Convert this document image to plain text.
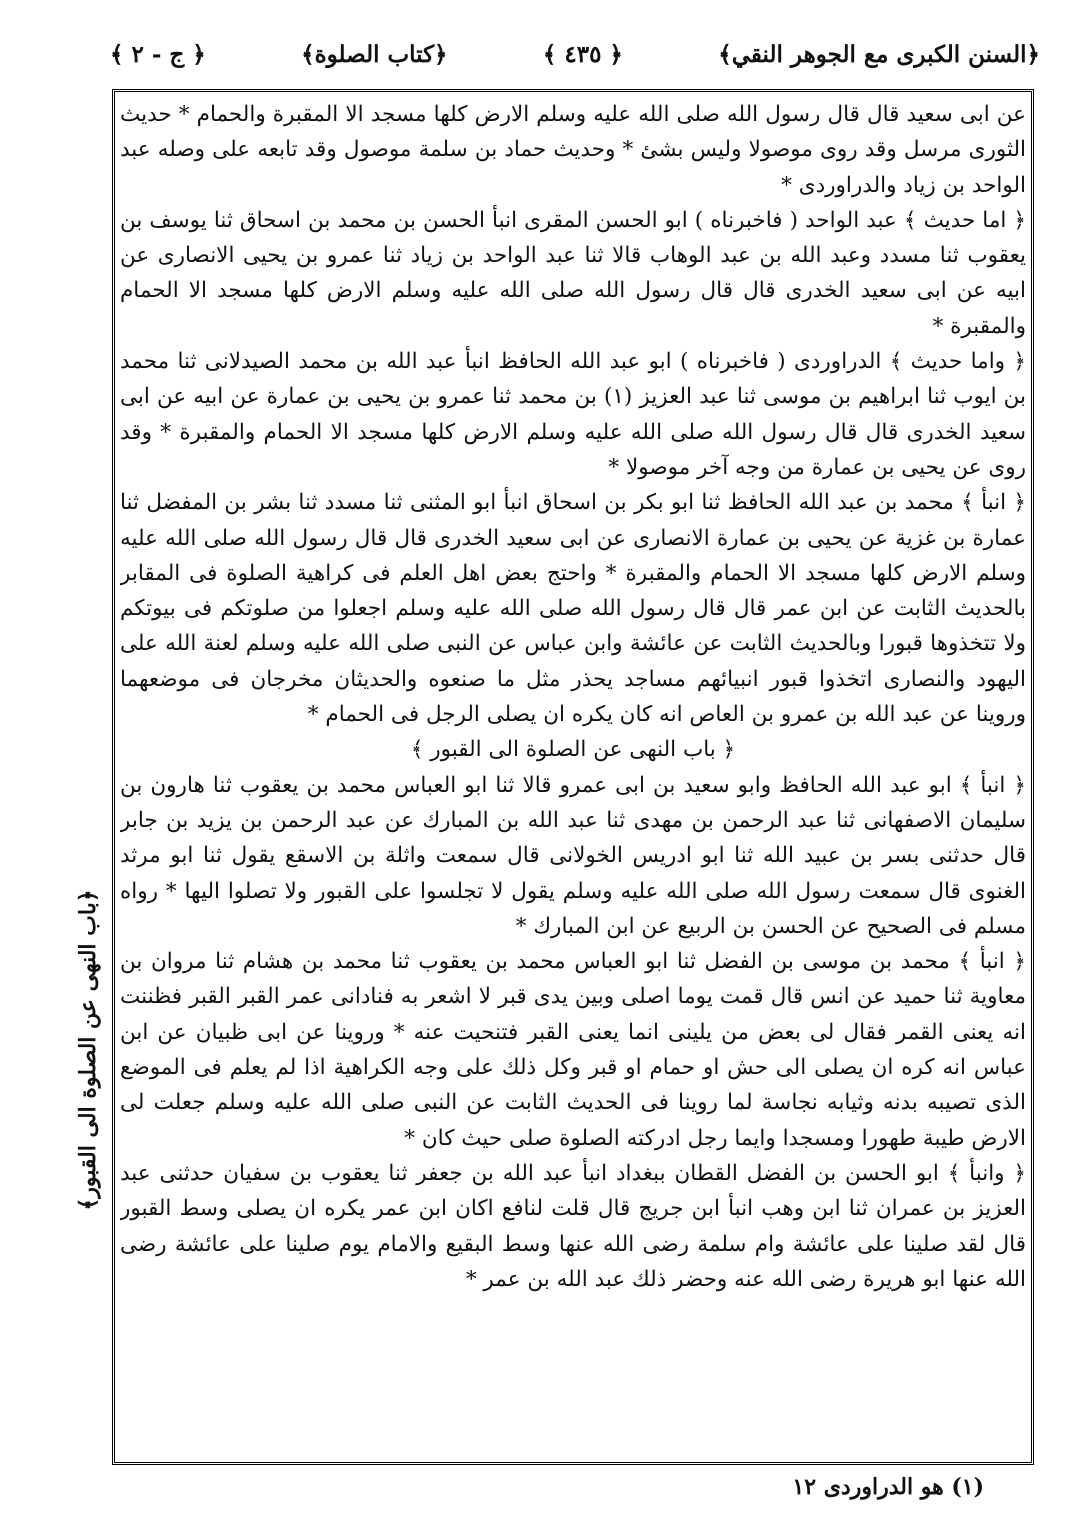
﴿السنن الكبرى مع الجوهر النقي﴾
﴿ ٤٣٥ ﴾
﴿كتاب الصلوة﴾
﴿ ج - ٢ ﴾

عن ابى سعيد قال قال رسول الله صلى الله عليه وسلم الارض كلها مسجد الا المقبرة والحمام * حديث الثورى مرسل وقد روى موصولا وليس بشئ * وحديث حماد بن سلمة موصول وقد تابعه على وصله عبد الواحد بن زياد والدراوردى *

﴿ اما حديث ﴾ عبد الواحد ( فاخبرناه ) ابو الحسن المقرى انبأ الحسن بن محمد بن اسحاق ثنا يوسف بن يعقوب ثنا مسدد وعبد الله بن عبد الوهاب قالا ثنا عبد الواحد بن زياد ثنا عمرو بن يحيى الانصارى عن ابيه عن ابى سعيد الخدرى قال قال رسول الله صلى الله عليه وسلم الارض كلها مسجد الا الحمام والمقبرة *

﴿ واما حديث ﴾ الدراوردى ( فاخبرناه ) ابو عبد الله الحافظ انبأ عبد الله بن محمد الصيدلانى ثنا محمد بن ايوب ثنا ابراهيم بن موسى ثنا عبد العزيز (١) بن محمد ثنا عمرو بن يحيى بن عمارة عن ابيه عن ابى سعيد الخدرى قال قال رسول الله صلى الله عليه وسلم الارض كلها مسجد الا الحمام والمقبرة * وقد روى عن يحيى بن عمارة من وجه آخر موصولا *

﴿ انبأ ﴾ محمد بن عبد الله الحافظ ثنا ابو بكر بن اسحاق انبأ ابو المثنى ثنا مسدد ثنا بشر بن المفضل ثنا عمارة بن غزية عن يحيى بن عمارة الانصارى عن ابى سعيد الخدرى قال قال رسول الله صلى الله عليه وسلم الارض كلها مسجد الا الحمام والمقبرة * واحتج بعض اهل العلم فى كراهية الصلوة فى المقابر بالحديث الثابت عن ابن عمر قال قال رسول الله صلى الله عليه وسلم اجعلوا من صلوتكم فى بيوتكم ولا تتخذوها قبورا وبالحديث الثابت عن عائشة وابن عباس عن النبى صلى الله عليه وسلم لعنة الله على اليهود والنصارى اتخذوا قبور انبيائهم مساجد يحذر مثل ما صنعوه والحديثان مخرجان فى موضعهما وروينا عن عبد الله بن عمرو بن العاص انه كان يكره ان يصلى الرجل فى الحمام *

﴿ باب النهى عن الصلوة الى القبور ﴾

﴿ انبأ ﴾ ابو عبد الله الحافظ وابو سعيد بن ابى عمرو قالا ثنا ابو العباس محمد بن يعقوب ثنا هارون بن سليمان الاصفهانى ثنا عبد الرحمن بن مهدى ثنا عبد الله بن المبارك عن عبد الرحمن بن يزيد بن جابر قال حدثنى بسر بن عبيد الله ثنا ابو ادريس الخولانى قال سمعت واثلة بن الاسقع يقول ثنا ابو مرثد الغنوى قال سمعت رسول الله صلى الله عليه وسلم يقول لا تجلسوا على القبور ولا تصلوا اليها * رواه مسلم فى الصحيح عن الحسن بن الربيع عن ابن المبارك *

﴿ انبأ ﴾ محمد بن موسى بن الفضل ثنا ابو العباس محمد بن يعقوب ثنا محمد بن هشام ثنا مروان بن معاوية ثنا حميد عن انس قال قمت يوما اصلى وبين يدى قبر لا اشعر به فنادانى عمر القبر القبر فظننت انه يعنى القمر فقال لى بعض من يلينى انما يعنى القبر فتنحيت عنه * وروينا عن ابى ظبيان عن ابن عباس انه كره ان يصلى الى حش او حمام او قبر وكل ذلك على وجه الكراهية اذا لم يعلم فى الموضع الذى تصيبه بدنه وثيابه نجاسة لما روينا فى الحديث الثابت عن النبى صلى الله عليه وسلم جعلت لى الارض طيبة طهورا ومسجدا وايما رجل ادركته الصلوة صلى حيث كان *

﴿ وانبأ ﴾ ابو الحسن بن الفضل القطان ببغداد انبأ عبد الله بن جعفر ثنا يعقوب بن سفيان حدثنى عبد العزيز بن عمران ثنا ابن وهب انبأ ابن جريج قال قلت لنافع اكان ابن عمر يكره ان يصلى وسط القبور قال لقد صلينا على عائشة وام سلمة رضى الله عنها وسط البقيع والامام يوم صلينا على عائشة رضى الله عنها ابو هريرة رضى الله عنه وحضر ذلك عبد الله بن عمر *

﴿باب النهى عن الصلوة الى القبور﴾
(١) هو الدراوردى ١٢
